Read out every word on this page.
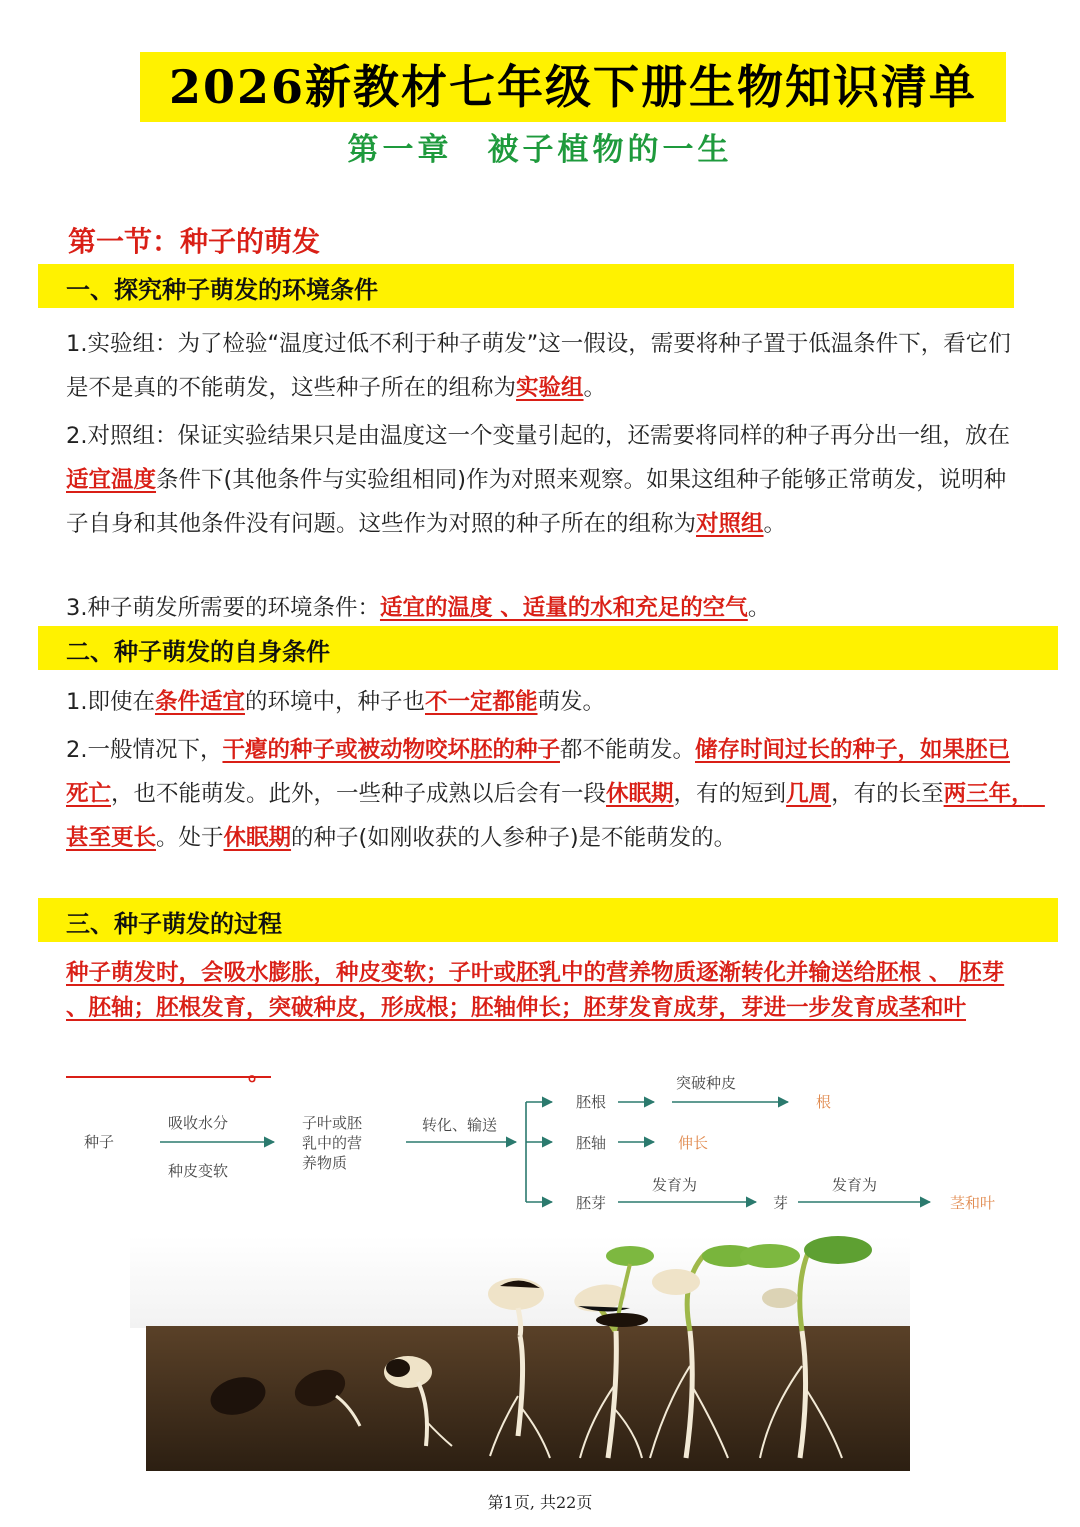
2026新教材七年级下册生物知识清单
第一章　被子植物的一生
第一节：种子的萌发
一、探究种子萌发的环境条件
1.实验组：为了检验“温度过低不利于种子萌发”这一假设，需要将种子置于低温条件下，看它们是不是真的不能萌发，这些种子所在的组称为实验组。
2.对照组：保证实验结果只是由温度这一个变量引起的，还需要将同样的种子再分出一组，放在适宜温度条件下(其他条件与实验组相同)作为对照来观察。如果这组种子能够正常萌发，说明种　子自身和其他条件没有问题。这些作为对照的种子所在的组称为对照组。
3.种子萌发所需要的环境条件：适宜的温度 、适量的水和充足的空气。
二、种子萌发的自身条件
1.即使在条件适宜的环境中，种子也不一定都能萌发。
2.一般情况下，干瘪的种子或被动物咬坏胚的种子都不能萌发。储存时间过长的种子，如果胚已死亡，也不能萌发。此外，一些种子成熟以后会有一段休眠期，有的短到几周，有的长至两三年，　甚至更长。处于休眠期的种子(如刚收获的人参种子)是不能萌发的。
三、种子萌发的过程
种子萌发时，会吸水膨胀，种皮变软；子叶或胚乳中的营养物质逐渐转化并输送给胚根 、 胚芽 、胚轴；胚根发育，突破种皮，形成根；胚轴伸长；胚芽发育成芽，芽进一步发育成茎和叶
。
种子
吸收水分
种皮变软
子叶或胚
乳中的营
养物质
转化、输送
胚根
突破种皮
胚轴
胚芽
发育为
芽
发育为
根
伸长
茎和叶
第1页, 共22页
